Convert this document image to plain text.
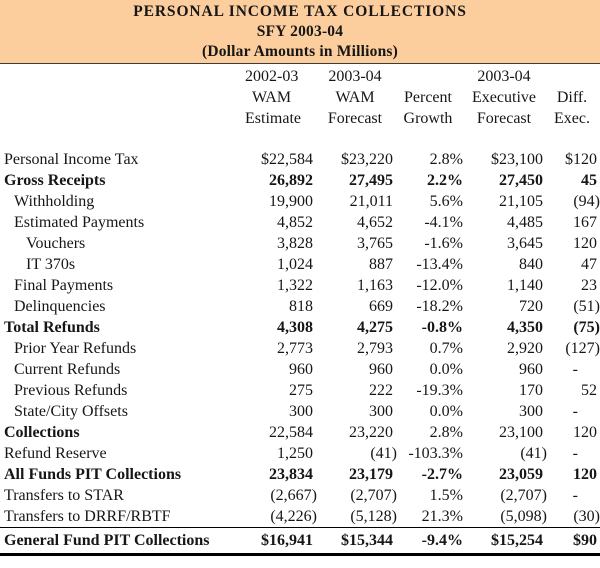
PERSONAL INCOME TAX COLLECTIONS
SFY 2003-04
(Dollar Amounts in Millions)
	2002-03	2003-04		2003-04	
	WAM	WAM	Percent	Executive	Diff.
	Estimate	Forecast	Growth	Forecast	Exec.
Personal Income Tax	$22,584	$23,220	2.8%	$23,100	$120
Gross Receipts	26,892	27,495	2.2%	27,450	45
Withholding	19,900	21,011	5.6%	21,105	(94)
Estimated Payments	4,852	4,652	-4.1%	4,485	167
Vouchers	3,828	3,765	-1.6%	3,645	120
IT 370s	1,024	887	-13.4%	840	47
Final Payments	1,322	1,163	-12.0%	1,140	23
Delinquencies	818	669	-18.2%	720	(51)
Total Refunds	4,308	4,275	-0.8%	4,350	(75)
Prior Year Refunds	2,773	2,793	0.7%	2,920	(127)
Current Refunds	960	960	0.0%	960	-
Previous Refunds	275	222	-19.3%	170	52
State/City Offsets	300	300	0.0%	300	-
Collections	22,584	23,220	2.8%	23,100	120
Refund Reserve	1,250	(41)	-103.3%	(41)	-
All Funds PIT Collections	23,834	23,179	-2.7%	23,059	120
Transfers to STAR	(2,667)	(2,707)	1.5%	(2,707)	-
Transfers to DRRF/RBTF	(4,226)	(5,128)	21.3%	(5,098)	(30)
General Fund PIT Collections	$16,941	$15,344	-9.4%	$15,254	$90
